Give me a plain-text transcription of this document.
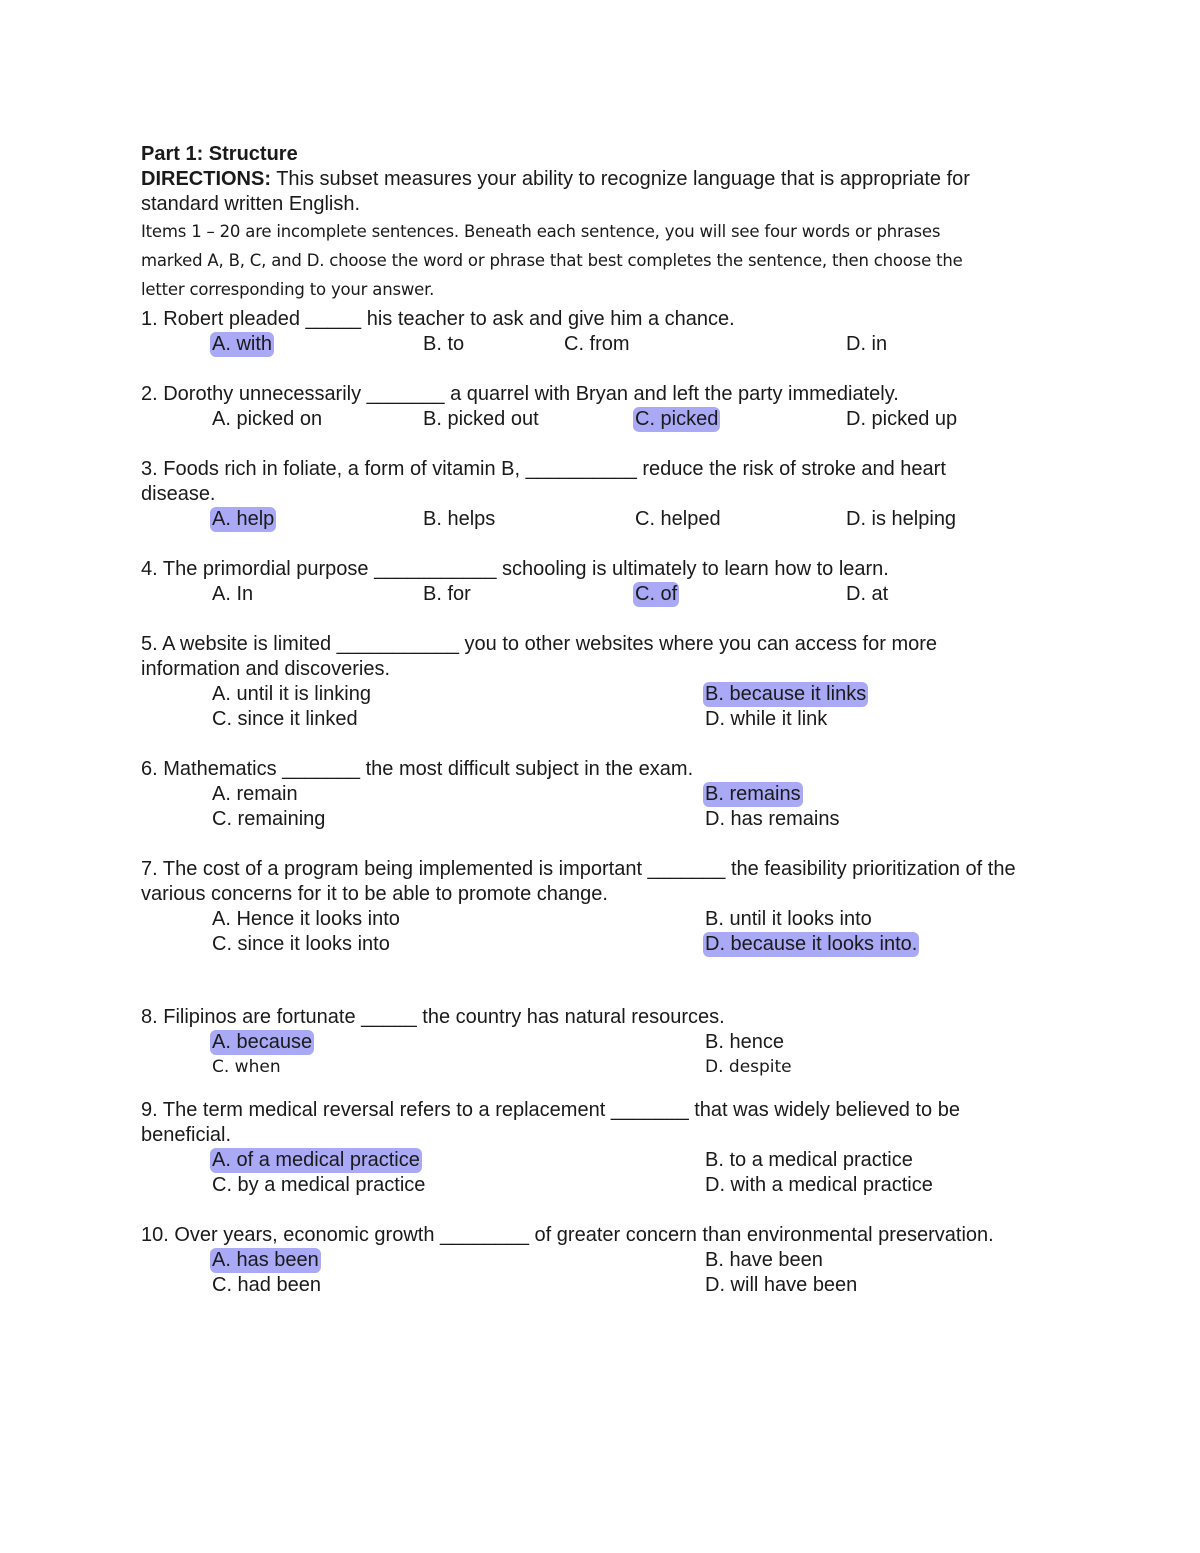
Part 1: Structure
DIRECTIONS: This subset measures your ability to recognize language that is appropriate for standard written English.
Items 1 – 20 are incomplete sentences. Beneath each sentence, you will see four words or phrases
marked A, B, C, and D. choose the word or phrase that best completes the sentence, then choose the
letter corresponding to your answer.
1. Robert pleaded _____ his teacher to ask and give him a chance.
A. with	B. to	C. from	D. in
2. Dorothy unnecessarily _______ a quarrel with Bryan and left the party immediately.
A. picked on	B. picked out	C. picked	D. picked up
3. Foods rich in foliate, a form of vitamin B, __________ reduce the risk of stroke and heart disease.
A. help	B. helps	C. helped	D. is helping
4. The primordial purpose ___________ schooling is ultimately to learn how to learn.
A. In	B. for	C. of	D. at
5. A website is limited ___________ you to other websites where you can access for more information and discoveries.
A. until it is linking	B. because it links
C. since it linked	D. while it link
6. Mathematics _______ the most difficult subject in the exam.
A. remain	B. remains
C. remaining	D. has remains
7. The cost of a program being implemented is important _______ the feasibility prioritization of the various concerns for it to be able to promote change.
A. Hence it looks into	B. until it looks into
C. since it looks into	D. because it looks into.
8. Filipinos are fortunate _____ the country has natural resources.
A. because	B. hence
C. when	D. despite
9. The term medical reversal refers to a replacement _______ that was widely believed to be beneficial.
A. of a medical practice	B. to a medical practice
C. by a medical practice	D. with a medical practice
10. Over years, economic growth ________ of greater concern than environmental preservation.
A. has been	B. have been
C. had been	D. will have been
